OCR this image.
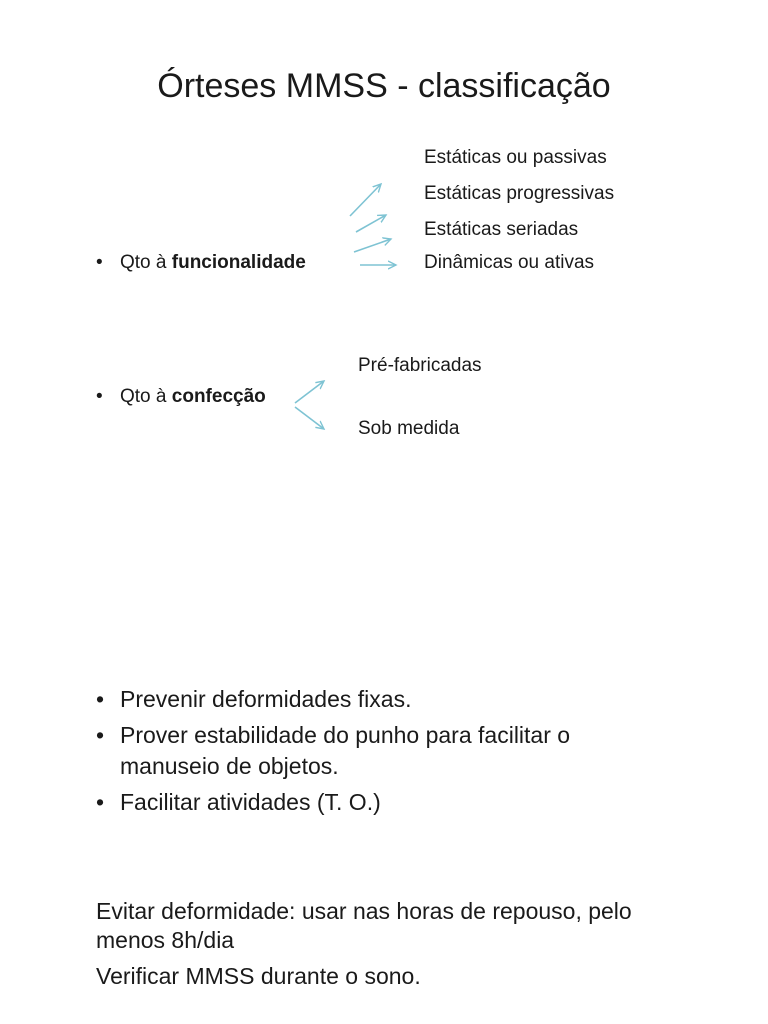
Órteses MMSS - classificação
• Qto à funcionalidade
Estáticas ou passivas
Estáticas progressivas
Estáticas seriadas
Dinâmicas ou ativas
• Qto à confecção
Pré-fabricadas
Sob medida
• Prevenir deformidades fixas.
• Prover estabilidade do punho para facilitar o manuseio de objetos.
• Facilitar atividades (T. O.)
Evitar deformidade: usar nas horas de repouso, pelo menos 8h/dia
Verificar MMSS durante o sono.
